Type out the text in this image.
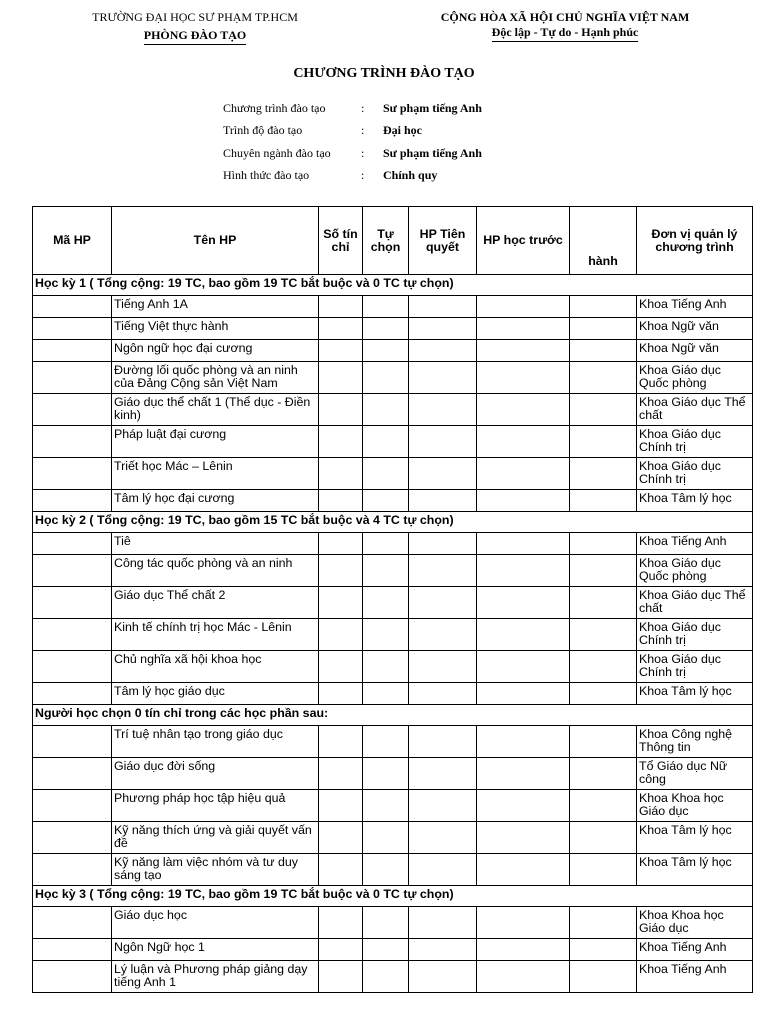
TRƯỜNG ĐẠI HỌC SƯ PHẠM TP.HCM
PHÒNG ĐÀO TẠO
CỘNG HÒA XÃ HỘI CHỦ NGHĨA VIỆT NAM
Độc lập - Tự do - Hạnh phúc
CHƯƠNG TRÌNH ĐÀO TẠO
Chương trình đào tạo	:	Sư phạm tiếng Anh
Trình độ đào tạo	:	Đại học
Chuyên ngành đào tạo	:	Sư phạm tiếng Anh
Hình thức đào tạo	:	Chính quy
Mã HP	Tên HP	Số tín chỉ	Tự chọn	HP Tiên quyết	HP học trước	hành	Đơn vị quản lý chương trình
Học kỳ 1 ( Tổng cộng: 19 TC, bao gồm 19 TC bắt buộc và 0 TC tự chọn)							
	Tiếng Anh 1A						Khoa Tiếng Anh
	Tiếng Việt thực hành						Khoa Ngữ văn
	Ngôn ngữ học đại cương						Khoa Ngữ văn
	Đường lối quốc phòng và an ninh của Đảng Cộng sản Việt Nam						Khoa Giáo dục Quốc phòng
	Giáo dục thể chất 1 (Thể dục - Điền kinh)						Khoa Giáo dục Thể chất
	Pháp luật đại cương						Khoa Giáo dục Chính trị
	Triết học Mác – Lênin						Khoa Giáo dục Chính trị
	Tâm lý học đại cương						Khoa Tâm lý học
Học kỳ 2 ( Tổng cộng: 19 TC, bao gồm 15 TC bắt buộc và 4 TC tự chọn)							
	Tiê						Khoa Tiếng Anh
	Công tác quốc phòng và an ninh						Khoa Giáo dục Quốc phòng
	Giáo dục Thể chất 2						Khoa Giáo dục Thể chất
	Kinh tế chính trị học Mác - Lênin						Khoa Giáo dục Chính trị
	Chủ nghĩa xã hội khoa học						Khoa Giáo dục Chính trị
	Tâm lý học giáo dục						Khoa Tâm lý học
Người học chọn 0 tín chỉ trong các học phần sau:							
	Trí tuệ nhân tạo trong giáo dục						Khoa Công nghệ Thông tin
	Giáo dục đời sống						Tổ Giáo dục Nữ công
	Phương pháp học tập hiệu quả						Khoa Khoa học Giáo dục
	Kỹ năng thích ứng và giải quyết vấn đề						Khoa Tâm lý học
	Kỹ năng làm việc nhóm và tư duy sáng tạo						Khoa Tâm lý học
Học kỳ 3 ( Tổng cộng: 19 TC, bao gồm 19 TC bắt buộc và 0 TC tự chọn)							
	Giáo dục học						Khoa Khoa học Giáo dục
	Ngôn Ngữ học 1						Khoa Tiếng Anh
	Lý luận và Phương pháp giảng dạy tiếng Anh 1						Khoa Tiếng Anh
